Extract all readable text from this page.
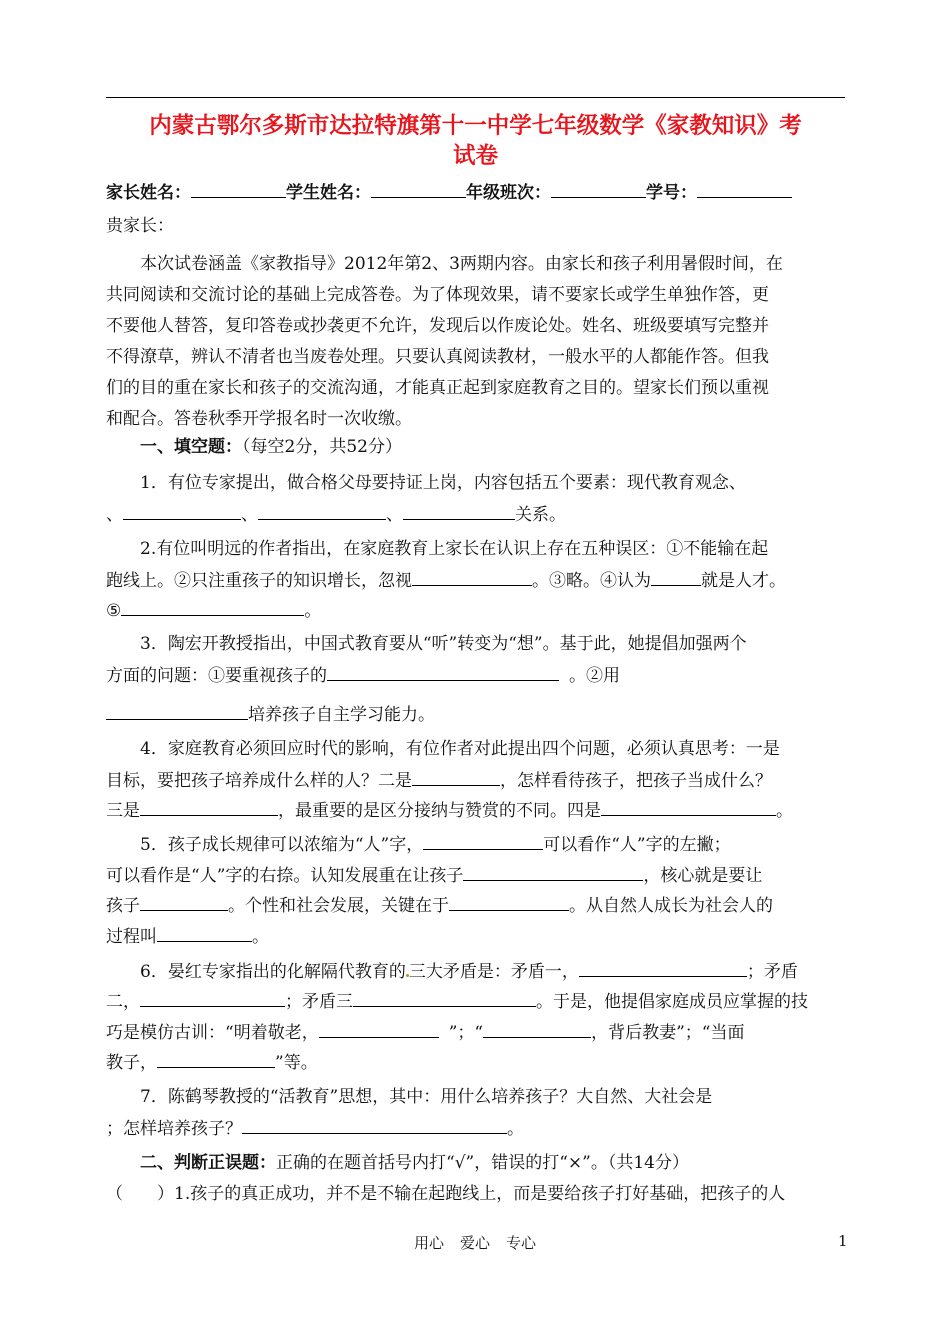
内蒙古鄂尔多斯市达拉特旗第十一中学七年级数学《家教知识》考
试卷
家长姓名：	学生姓名：	年级班次：	学号：
贵家长：
本次试卷涵盖《家教指导》2012年第2、3两期内容。由家长和孩子利用暑假时间，在
共同阅读和交流讨论的基础上完成答卷。为了体现效果，请不要家长或学生单独作答，更
不要他人替答，复印答卷或抄袭更不允许，发现后以作废论处。姓名、班级要填写完整并
不得潦草，辨认不清者也当废卷处理。只要认真阅读教材，一般水平的人都能作答。但我
们的目的重在家长和孩子的交流沟通，才能真正起到家庭教育之目的。望家长们预以重视
和配合。答卷秋季开学报名时一次收缴。
一、填空题：（每空2分，共52分）
1．有位专家提出，做合格父母要持证上岗，内容包括五个要素：现代教育观念、
、	、	、	关系。
2.有位叫明远的作者指出，在家庭教育上家长在认识上存在五种误区：①不能输在起
跑线上。②只注重孩子的知识增长，忽视	。③略。④认为	就是人才。
⑤	。
3．陶宏开教授指出，中国式教育要从“听”转变为“想”。基于此，她提倡加强两个
方面的问题：①要重视孩子的	。②用
培养孩子自主学习能力。
4．家庭教育必须回应时代的影响，有位作者对此提出四个问题，必须认真思考：一是
目标，要把孩子培养成什么样的人？二是	，怎样看待孩子，把孩子当成什么？
三是	，最重要的是区分接纳与赞赏的不同。四是	。
5．孩子成长规律可以浓缩为“人”字，	可以看作“人”字的左撇；
可以看作是“人”字的右捺。认知发展重在让孩子	，核心就是要让
孩子	。个性和社会发展，关键在于	。从自然人成长为社会人的
过程叫	。
6．晏红专家指出的化解隔代教育的 三大矛盾是：矛盾一，	；矛盾
二，	；矛盾三	。于是，他提倡家庭成员应掌握的技
巧是模仿古训：“明着敬老，	”；“	，背后教妻”；“当面
教子，	”等。
7．陈鹤琴教授的“活教育”思想，其中：用什么培养孩子？大自然、大社会是
；怎样培养孩子？	。
二、判断正误题：正确的在题首括号内打“√”，错误的打“×”。（共14分）
（　　）1.孩子的真正成功，并不是不输在起跑线上，而是要给孩子打好基础，把孩子的人
用心 爱心 专心	1
